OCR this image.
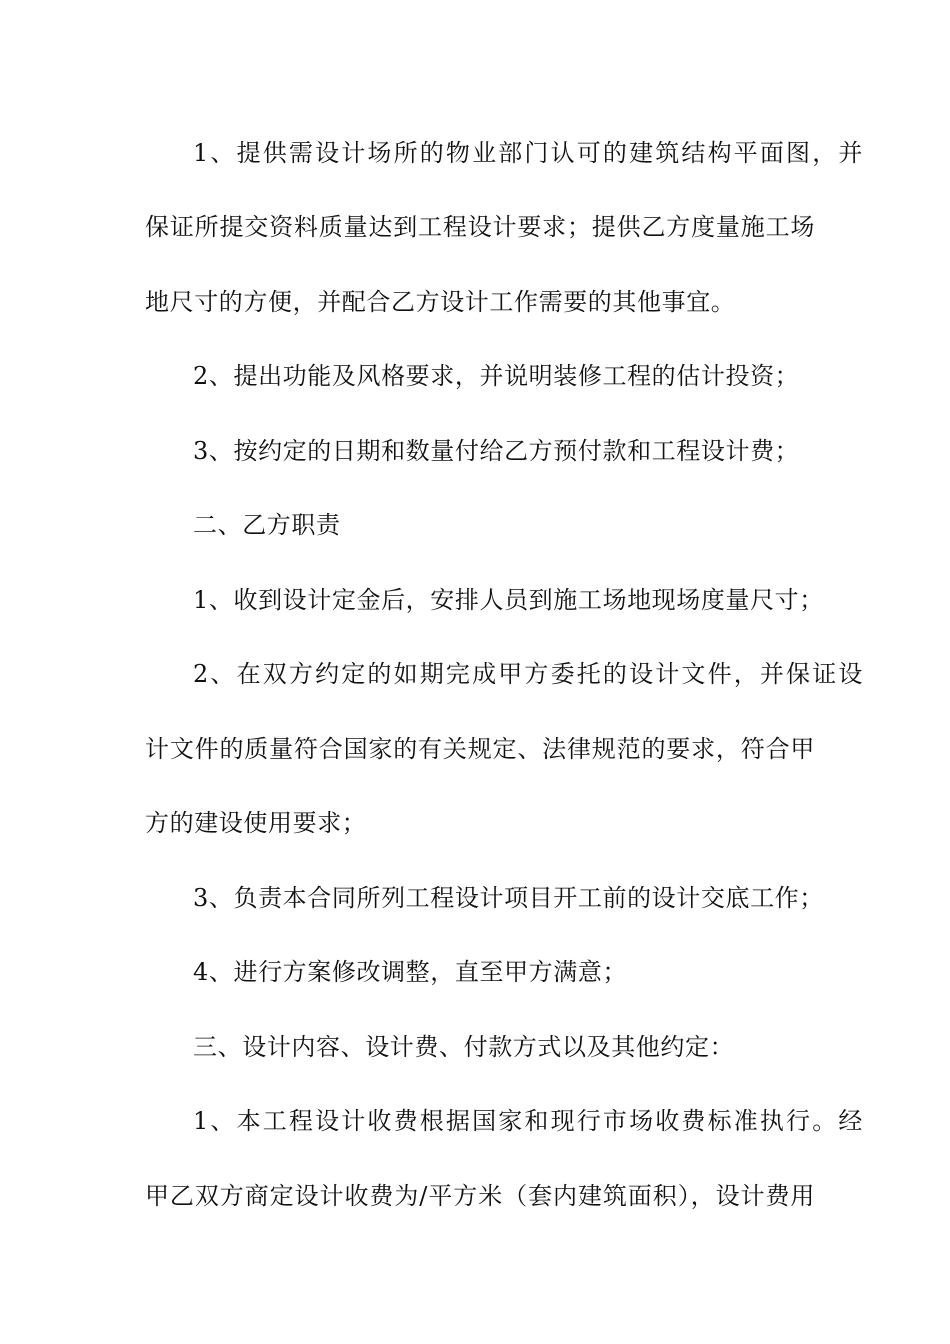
1、提供需设计场所的物业部门认可的建筑结构平面图，并
保证所提交资料质量达到工程设计要求；提供乙方度量施工场
地尺寸的方便，并配合乙方设计工作需要的其他事宜。
2、提出功能及风格要求，并说明装修工程的估计投资；
3、按约定的日期和数量付给乙方预付款和工程设计费；
二、乙方职责
1、收到设计定金后，安排人员到施工场地现场度量尺寸；
2、在双方约定的如期完成甲方委托的设计文件，并保证设
计文件的质量符合国家的有关规定、法律规范的要求，符合甲
方的建设使用要求；
3、负责本合同所列工程设计项目开工前的设计交底工作；
4、进行方案修改调整，直至甲方满意；
三、设计内容、设计费、付款方式以及其他约定：
1、本工程设计收费根据国家和现行市场收费标准执行。经
甲乙双方商定设计收费为/平方米（套内建筑面积），设计费用
